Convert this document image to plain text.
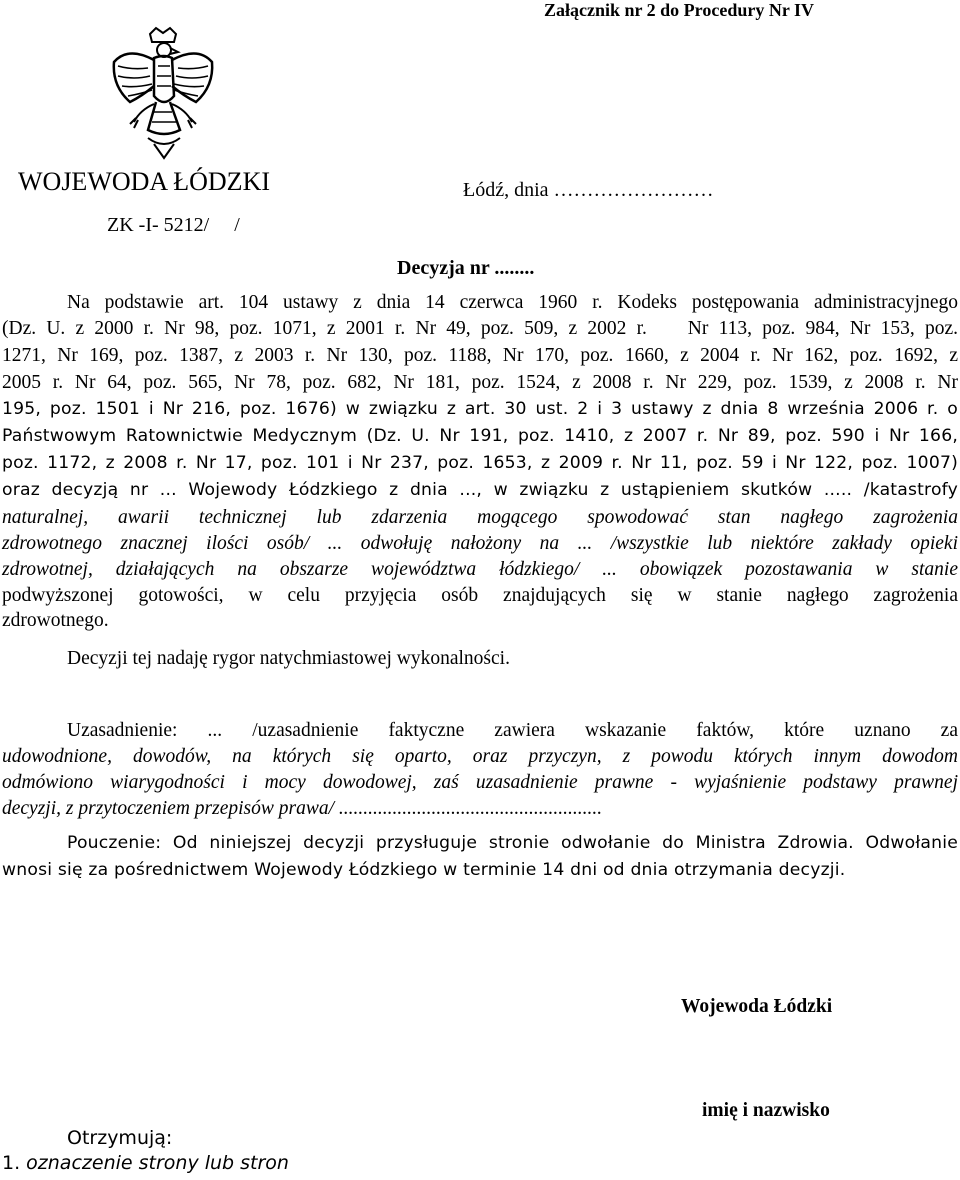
Załącznik nr 2 do Procedury Nr IV
WOJEWODA ŁÓDZKI
ZK -I- 5212/     /
Łódź, dnia ……………………
Decyzja nr ........
Na podstawie art. 104 ustawy z dnia 14 czerwca 1960 r. Kodeks postępowania administracyjnego
(Dz. U. z 2000 r. Nr 98, poz. 1071, z 2001 r. Nr 49, poz. 509, z 2002 r.    Nr 113, poz. 984, Nr 153, poz.
1271, Nr 169, poz. 1387, z 2003 r. Nr 130, poz. 1188, Nr 170, poz. 1660, z 2004 r. Nr 162, poz. 1692, z
2005 r. Nr 64, poz. 565, Nr 78, poz. 682, Nr 181, poz. 1524, z 2008 r. Nr 229, poz. 1539, z 2008 r. Nr
195, poz. 1501 i Nr 216, poz. 1676) w związku z art. 30 ust. 2 i 3 ustawy z dnia 8 września 2006 r. o
Państwowym Ratownictwie Medycznym (Dz. U. Nr 191, poz. 1410, z 2007 r. Nr 89, poz. 590 i Nr 166,
poz. 1172, z 2008 r. Nr 17, poz. 101 i Nr 237, poz. 1653, z 2009 r. Nr 11, poz. 59 i Nr 122, poz. 1007)
oraz decyzją nr ... Wojewody Łódzkiego z dnia ..., w związku z ustąpieniem skutków ..... /katastrofy
naturalnej, awarii technicznej lub zdarzenia mogącego spowodować stan nagłego zagrożenia
zdrowotnego znacznej ilości osób/ ... odwołuję nałożony na ... /wszystkie lub niektóre zakłady opieki
zdrowotnej, działających na obszarze województwa łódzkiego/ ... obowiązek pozostawania w stanie
podwyższonej gotowości, w celu przyjęcia osób znajdujących się w stanie nagłego zagrożenia
zdrowotnego.
Decyzji tej nadaję rygor natychmiastowej wykonalności.
Uzasadnienie: ... /uzasadnienie faktyczne zawiera wskazanie faktów, które uznano za
udowodnione, dowodów, na których się oparto, oraz przyczyn, z powodu których innym dowodom
odmówiono wiarygodności i mocy dowodowej, zaś uzasadnienie prawne - wyjaśnienie podstawy prawnej
decyzji, z przytoczeniem przepisów prawa/ ......................................................
Pouczenie: Od niniejszej decyzji przysługuje stronie odwołanie do Ministra Zdrowia. Odwołanie
wnosi się za pośrednictwem Wojewody Łódzkiego w terminie 14 dni od dnia otrzymania decyzji.
Wojewoda Łódzki
imię i nazwisko
Otrzymują:
1. oznaczenie strony lub stron
